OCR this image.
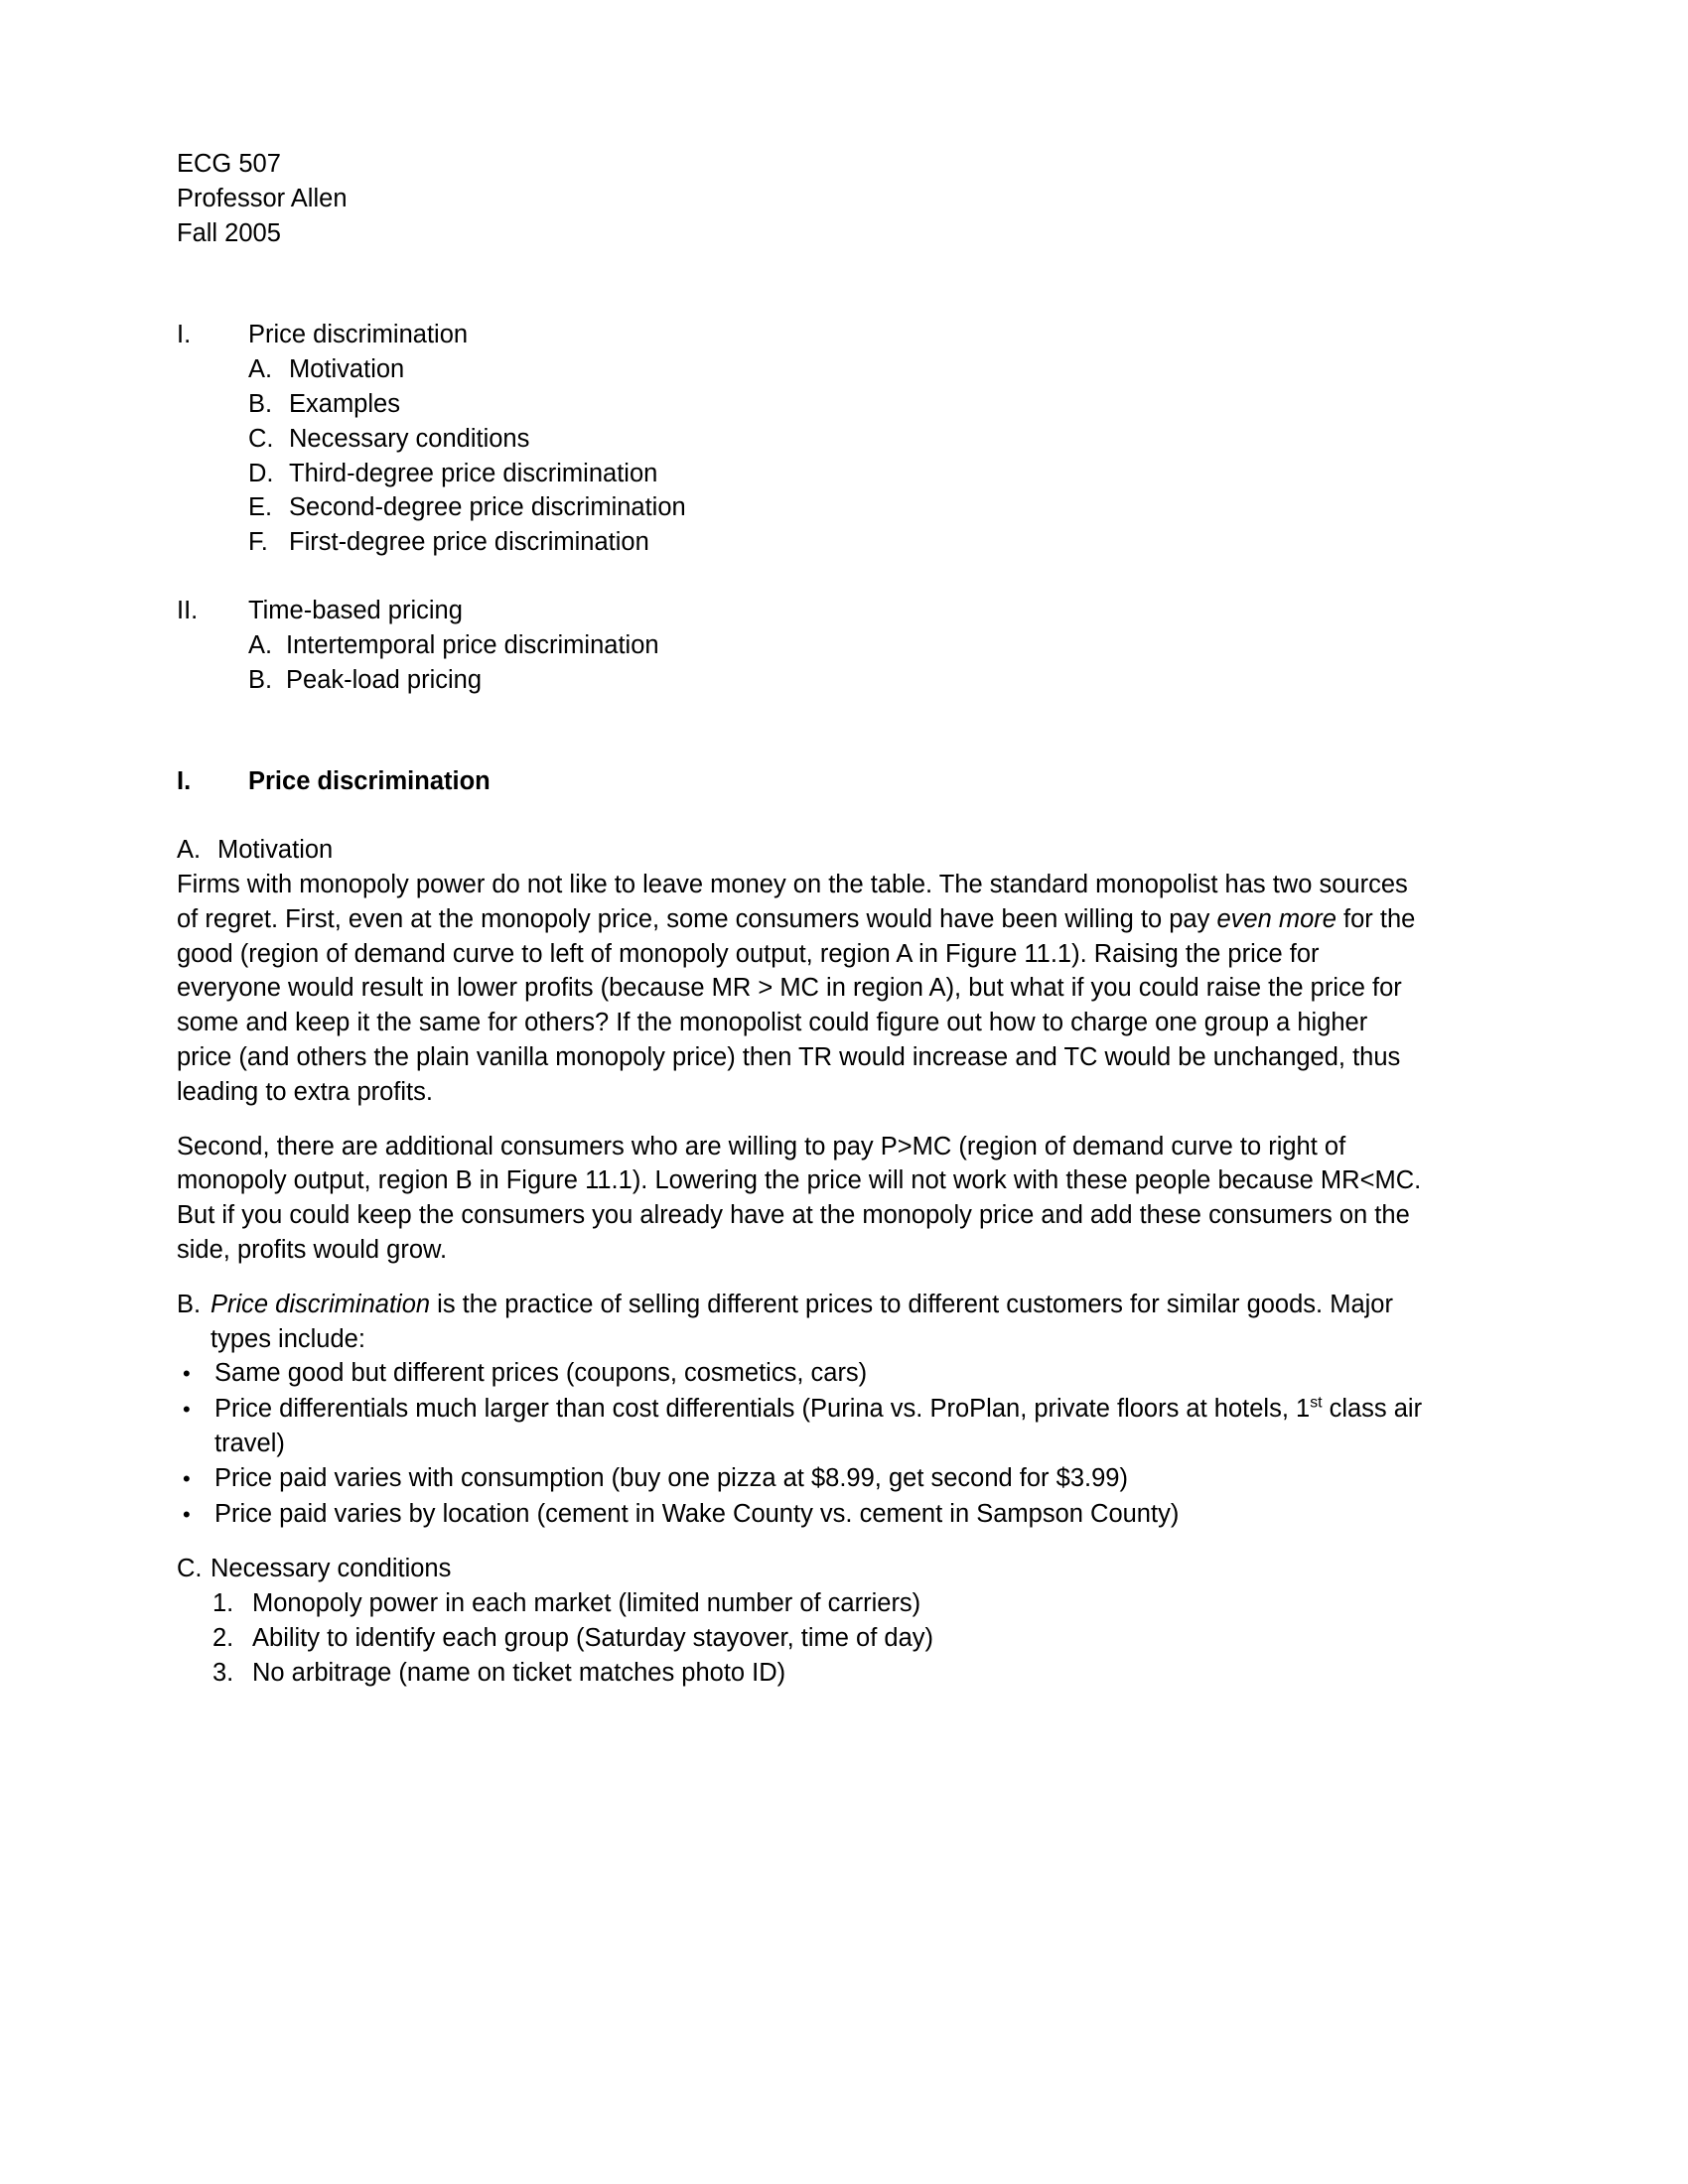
ECG 507
Professor Allen
Fall 2005
I.	Price discrimination
A. Motivation
B. Examples
C. Necessary conditions
D. Third-degree price discrimination
E. Second-degree price discrimination
F. First-degree price discrimination
II.	Time-based pricing
A. Intertemporal price discrimination
B. Peak-load pricing
I.	Price discrimination
A. Motivation

Firms with monopoly power do not like to leave money on the table. The standard monopolist has two sources of regret. First, even at the monopoly price, some consumers would have been willing to pay even more for the good (region of demand curve to left of monopoly output, region A in Figure 11.1). Raising the price for everyone would result in lower profits (because MR > MC in region A), but what if you could raise the price for some and keep it the same for others? If the monopolist could figure out how to charge one group a higher price (and others the plain vanilla monopoly price) then TR would increase and TC would be unchanged, thus leading to extra profits.

Second, there are additional consumers who are willing to pay P>MC (region of demand curve to right of monopoly output, region B in Figure 11.1). Lowering the price will not work with these people because MR<MC. But if you could keep the consumers you already have at the monopoly price and add these consumers on the side, profits would grow.

B. Price discrimination is the practice of selling different prices to different customers for similar goods. Major types include:
• Same good but different prices (coupons, cosmetics, cars)
• Price differentials much larger than cost differentials (Purina vs. ProPlan, private floors at hotels, 1st class air travel)
• Price paid varies with consumption (buy one pizza at $8.99, get second for $3.99)
• Price paid varies by location (cement in Wake County vs. cement in Sampson County)
C. Necessary conditions
1. Monopoly power in each market (limited number of carriers)
2. Ability to identify each group (Saturday stayover, time of day)
3. No arbitrage (name on ticket matches photo ID)
